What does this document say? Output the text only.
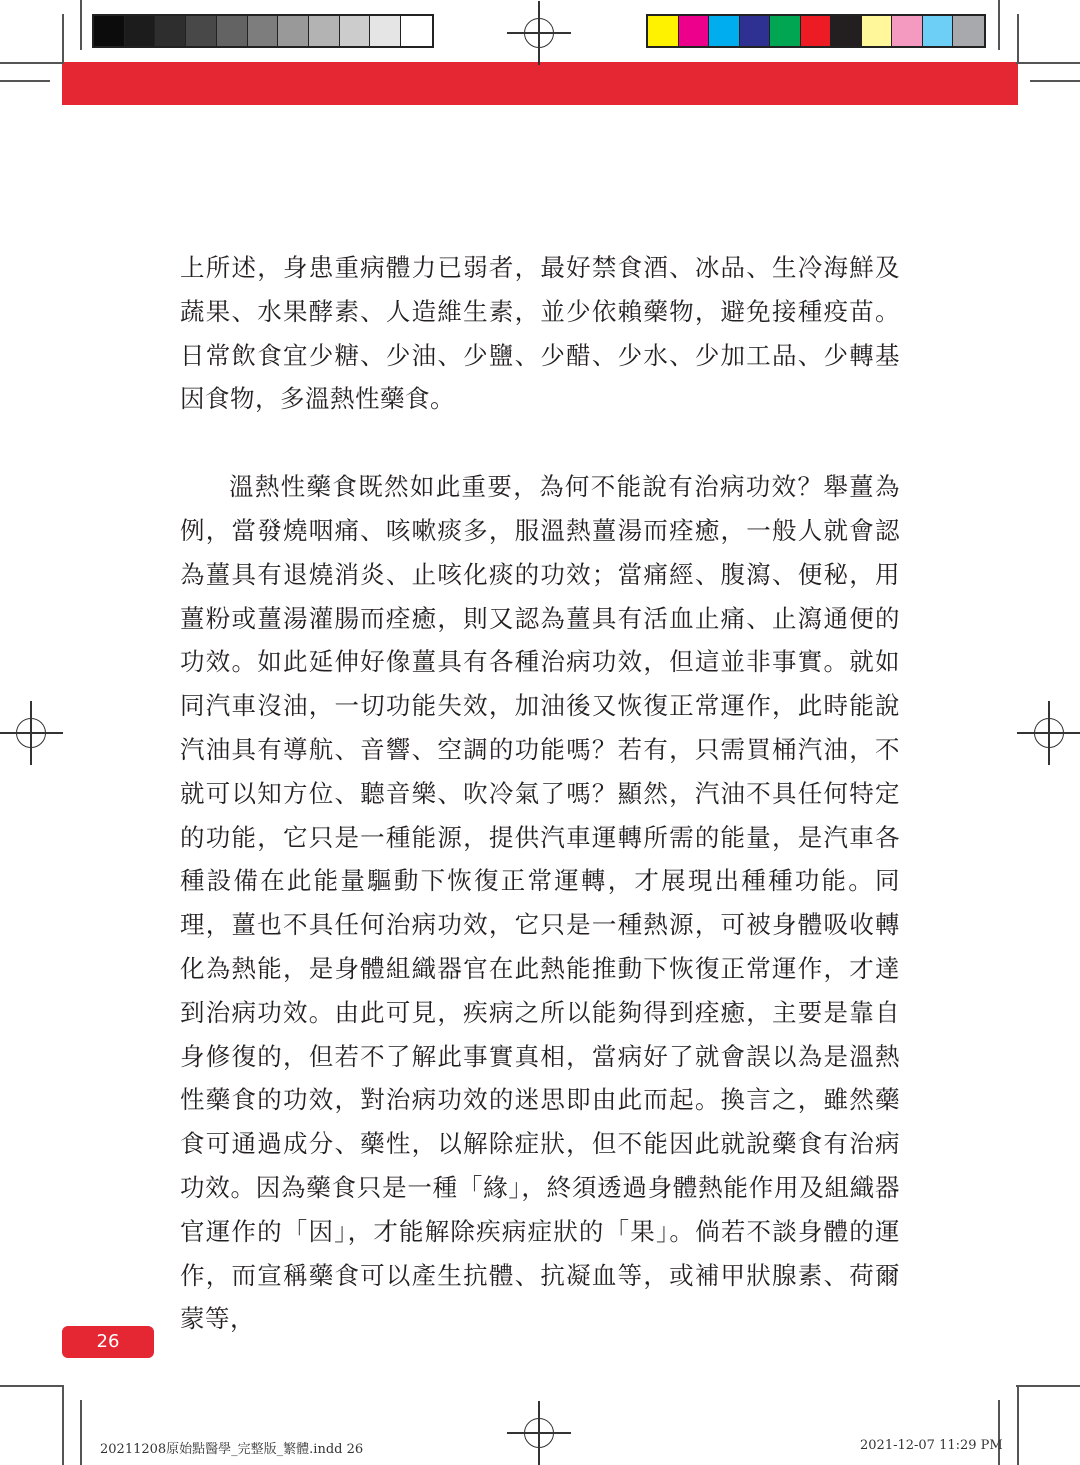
上所述，身患重病體力已弱者，最好禁食酒、冰品、生冷海鮮及蔬果、水果酵素、人造維生素，並少依賴藥物，避免接種疫苗。日常飲食宜少糖、少油、少鹽、少醋、少水、少加工品、少轉基因食物，多溫熱性藥食。

溫熱性藥食既然如此重要，為何不能說有治病功效？舉薑為例，當發燒咽痛、咳嗽痰多，服溫熱薑湯而痊癒，一般人就會認為薑具有退燒消炎、止咳化痰的功效；當痛經、腹瀉、便秘，用薑粉或薑湯灌腸而痊癒，則又認為薑具有活血止痛、止瀉通便的功效。如此延伸好像薑具有各種治病功效，但這並非事實。就如同汽車沒油，一切功能失效，加油後又恢復正常運作，此時能說汽油具有導航、音響、空調的功能嗎？若有，只需買桶汽油，不就可以知方位、聽音樂、吹冷氣了嗎？顯然，汽油不具任何特定的功能，它只是一種能源，提供汽車運轉所需的能量，是汽車各種設備在此能量驅動下恢復正常運轉，才展現出種種功能。同理，薑也不具任何治病功效，它只是一種熱源，可被身體吸收轉化為熱能，是身體組織器官在此熱能推動下恢復正常運作，才達到治病功效。由此可見，疾病之所以能夠得到痊癒，主要是靠自身修復的，但若不了解此事實真相，當病好了就會誤以為是溫熱性藥食的功效，對治病功效的迷思即由此而起。換言之，雖然藥食可通過成分、藥性，以解除症狀，但不能因此就說藥食有治病功效。因為藥食只是一種「緣」，終須透過身體熱能作用及組織器官運作的「因」，才能解除疾病症狀的「果」。倘若不談身體的運作，而宣稱藥食可以產生抗體、抗凝血等，或補甲狀腺素、荷爾蒙等，

26
20211208原始點醫學_完整版_繁體.indd 26	2021-12-07 11:29 PM
